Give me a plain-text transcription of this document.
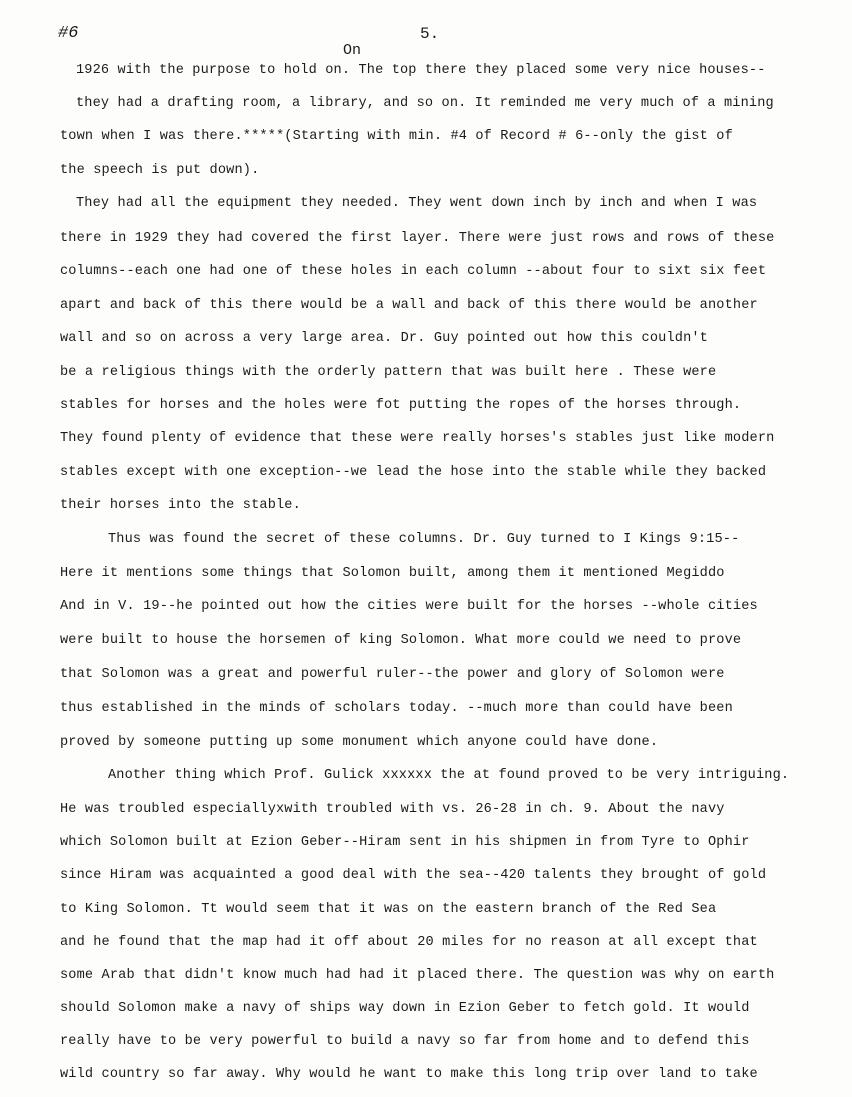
#6	5.
On
1926 with the purpose to hold on. The top there they placed some very nice houses--
they had a drafting room, a library, and so on. It reminded me very much of a mining
town when I was there.*****(Starting with min. #4 of Record # 6--only the gist of
the speech is put down).
They had all the equipment they needed. They went down inch by inch and when I was
there in 1929 they had covered the first layer. There were just rows and rows of these
columns--each one had one of these holes in each column --about four to sixt six feet
apart and back of this there would be a wall and back of this there would be another
wall and so on across a very large area. Dr. Guy pointed out how this couldn't
be a religious things with the orderly pattern that was built here . These were
stables for horses and the holes were fot putting the ropes of the horses through.
They found plenty of evidence that these were really horses's stables just like modern
stables except with one exception--we lead the hose into the stable while they backed
their horses into the stable.
Thus was found the secret of these columns. Dr. Guy turned to I Kings 9:15--
Here it mentions some things that Solomon built, among them it mentioned Megiddo
And in V. 19--he pointed out how the cities were built for the horses --whole cities
were built to house the horsemen of king Solomon. What more could we need to prove
that Solomon was a great and powerful ruler--the power and glory of Solomon were
thus established in the minds of scholars today. --much more than could have been
proved by someone putting up some monument which anyone could have done.
Another thing which Prof. Gulick xxxxxx the at found proved to be very intriguing.
He was troubled especiallyxwith troubled with vs. 26-28 in ch. 9. About the navy
which Solomon built at Ezion Geber--Hiram sent in his shipmen in from Tyre to Ophir
since Hiram was acquainted a good deal with the sea--420 talents they brought of gold
to King Solomon. Tt would seem that it was on the eastern branch of the Red Sea
and he found that the map had it off about 20 miles for no reason at all except that
some Arab that didn't know much had had it placed there. The question was why on earth
should Solomon make a navy of ships way down in Ezion Geber to fetch gold. It would
really have to be very powerful to build a navy so far from home and to defend this
wild country so far away. Why would he want to make this long trip over land to take
